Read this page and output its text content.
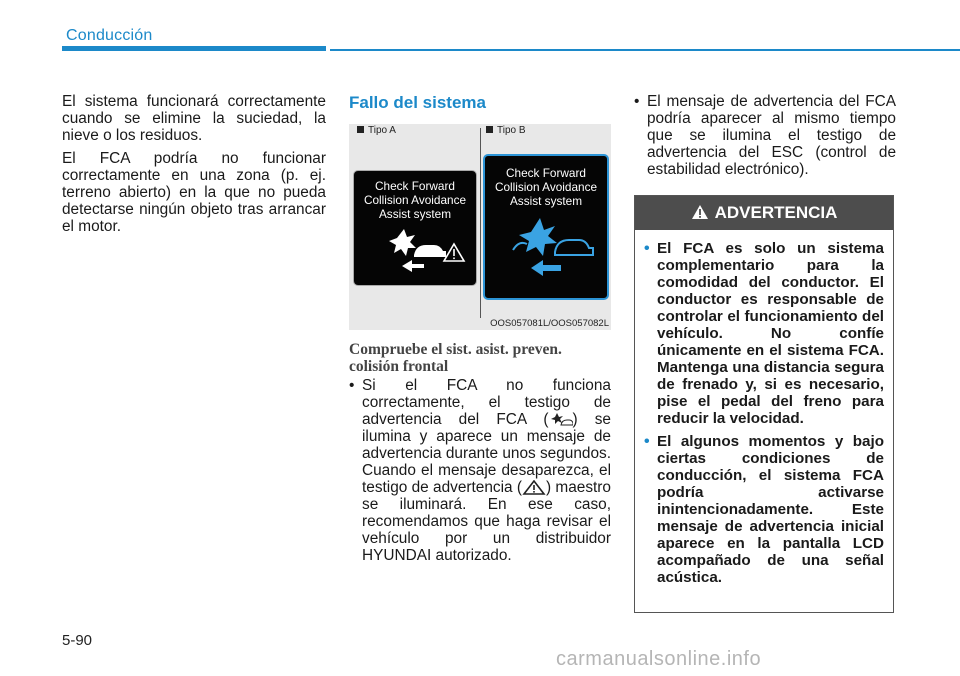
Conducción

El sistema funcionará correctamente cuando se elimine la suciedad, la nieve o los residuos.

El FCA podría no funcionar correctamente en una zona (p. ej. terreno abierto) en la que no pueda detectarse ningún objeto tras arrancar el motor.

Fallo del sistema
Tipo A	Tipo B
Check Forward
Collision Avoidance
Assist system
Check Forward
Collision Avoidance
Assist system
OOS057081L/OOS057082L
Compruebe el sist. asist. preven. colisión frontal
• Si el FCA no funciona correctamente, el testigo de advertencia del FCA ( ) se ilumina y aparece un mensaje de advertencia durante unos segundos. Cuando el mensaje desaparezca, el testigo de advertencia ( ) maestro se iluminará. En ese caso, recomendamos que haga revisar el vehículo por un distribuidor HYUNDAI autorizado.
• El mensaje de advertencia del FCA podría aparecer al mismo tiempo que se ilumina el testigo de advertencia del ESC (control de estabilidad electrónico).
ADVERTENCIA
• El FCA es solo un sistema complementario para la comodidad del conductor. El conductor es responsable de controlar el funcionamiento del vehículo. No confíe únicamente en el sistema FCA. Mantenga una distancia segura de frenado y, si es necesario, pise el pedal del freno para reducir la velocidad.
• El algunos momentos y bajo ciertas condiciones de conducción, el sistema FCA podría activarse inintencionadamente. Este mensaje de advertencia inicial aparece en la pantalla LCD acompañado de una señal acústica.
5-90
carmanualsonline.info
